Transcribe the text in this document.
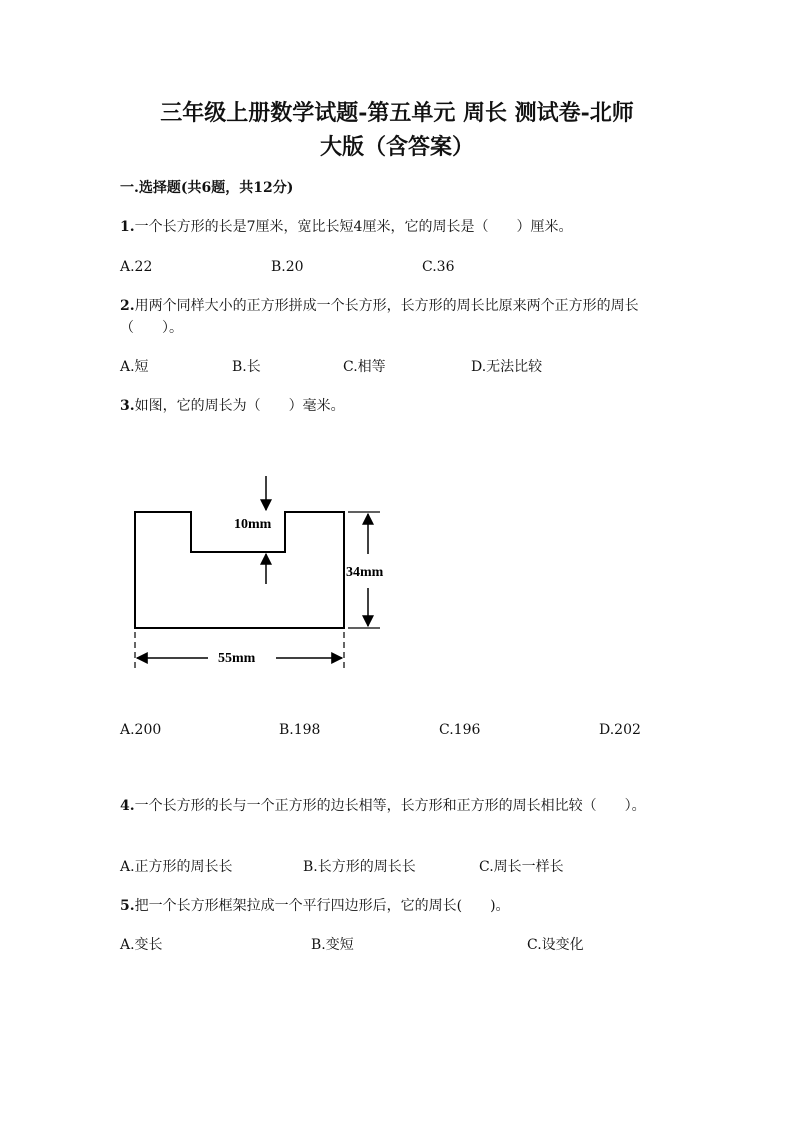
三年级上册数学试题-第五单元 周长 测试卷-北师
大版（含答案）
一.选择题(共6题，共12分)
1.一个长方形的长是7厘米，宽比长短4厘米，它的周长是（　　）厘米。
A.22	B.20	C.36
2.用两个同样大小的正方形拼成一个长方形，长方形的周长比原来两个正方形的周长（　　）。
A.短	B.长	C.相等	D.无法比较
3.如图，它的周长为（　　）毫米。
10mm
34mm
55mm
A.200	B.198	C.196	D.202
4.一个长方形的长与一个正方形的边长相等，长方形和正方形的周长相比较（　　）。
A.正方形的周长长	B.长方形的周长长	C.周长一样长
5.把一个长方形框架拉成一个平行四边形后，它的周长(　　)。
A.变长	B.变短	C.设变化
